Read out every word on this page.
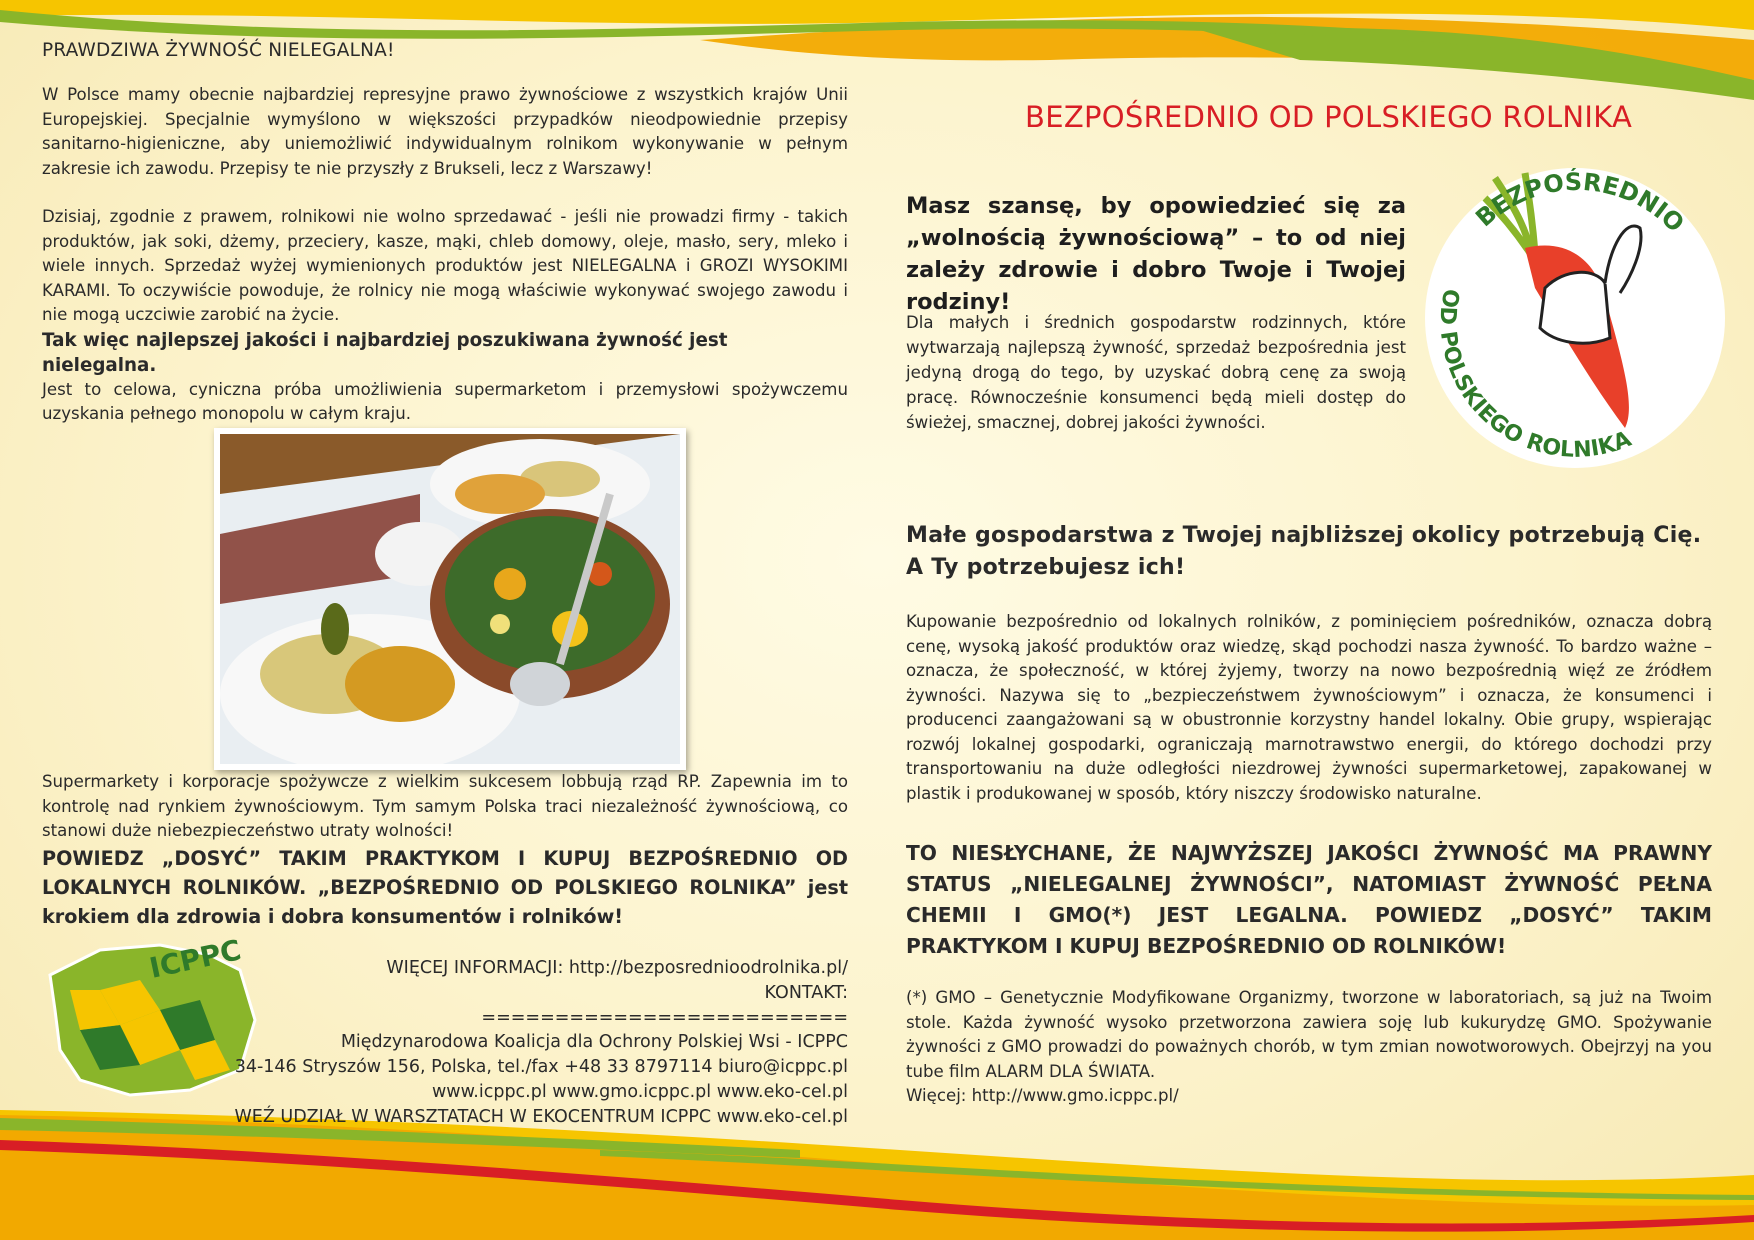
PRAWDZIWA ŻYWNOŚĆ NIELEGALNA!

W Polsce mamy obecnie najbardziej represyjne prawo żywnościowe z wszystkich krajów Unii Europejskiej. Specjalnie wymyślono w większości przypadków nieodpowiednie przepisy sanitarno-higieniczne, aby uniemożliwić indywidualnym rolnikom wykonywanie w pełnym zakresie ich zawodu. Przepisy te nie przyszły z Brukseli, lecz z Warszawy!

Dzisiaj, zgodnie z prawem, rolnikowi nie wolno sprzedawać - jeśli nie prowadzi firmy - takich produktów, jak soki, dżemy, przeciery, kasze, mąki, chleb domowy, oleje, masło, sery, mleko i wiele innych. Sprzedaż wyżej wymienionych produktów jest NIELEGALNA i GROZI WYSOKIMI KARAMI. To oczywiście powoduje, że rolnicy nie mogą właściwie wykonywać swojego zawodu i nie mogą uczciwie zarobić na życie.

Tak więc najlepszej jakości i najbardziej poszukiwana żywność jest nielegalna.

Jest to celowa, cyniczna próba umożliwienia supermarketom i przemysłowi spożywczemu uzyskania pełnego monopolu w całym kraju.

Supermarkety i korporacje spożywcze z wielkim sukcesem lobbują rząd RP. Zapewnia im to kontrolę nad rynkiem żywnościowym. Tym samym Polska traci niezależność żywnościową, co stanowi duże niebezpieczeństwo utraty wolności!

POWIEDZ „DOSYĆ” TAKIM PRAKTYKOM I KUPUJ BEZPOŚREDNIO OD LOKALNYCH ROLNIKÓW. „BEZPOŚREDNIO OD POLSKIEGO ROLNIKA” jest krokiem dla zdrowia i dobra konsumentów i rolników!

ICPPC	WIĘCEJ INFORMACJI: http://bezposrednioodrolnika.pl/

KONTAKT:

=========================

Międzynarodowa Koalicja dla Ochrony Polskiej Wsi - ICPPC

34-146 Stryszów 156, Polska, tel./fax +48 33 8797114 biuro@icppc.pl

www.icppc.pl www.gmo.icppc.pl www.eko-cel.pl

WEŹ UDZIAŁ W WARSZTATACH W EKOCENTRUM ICPPC www.eko-cel.pl

BEZPOŚREDNIO OD POLSKIEGO ROLNIKA

Masz szansę, by opowiedzieć się za „wolnością żywnościową” – to od niej zależy zdrowie i dobro Twoje i Twojej rodziny!

Dla małych i średnich gospodarstw rodzinnych, które wytwarzają najlepszą żywność, sprzedaż bezpośrednia jest jedyną drogą do tego, by uzyskać dobrą cenę za swoją pracę. Równocześnie konsumenci będą mieli dostęp do świeżej, smacznej, dobrej jakości żywności.

BEZPOŚREDNIO
OD POLSKIEGO ROLNIKA

Małe gospodarstwa z Twojej najbliższej okolicy potrzebują Cię. A Ty potrzebujesz ich!

Kupowanie bezpośrednio od lokalnych rolników, z pominięciem pośredników, oznacza dobrą cenę, wysoką jakość produktów oraz wiedzę, skąd pochodzi nasza żywność. To bardzo ważne – oznacza, że społeczność, w której żyjemy, tworzy na nowo bezpośrednią więź ze źródłem żywności. Nazywa się to „bezpieczeństwem żywnościowym” i oznacza, że konsumenci i producenci zaangażowani są w obustronnie korzystny handel lokalny. Obie grupy, wspierając rozwój lokalnej gospodarki, ograniczają marnotrawstwo energii, do którego dochodzi przy transportowaniu na duże odległości niezdrowej żywności supermarketowej, zapakowanej w plastik i produkowanej w sposób, który niszczy środowisko naturalne.

TO NIESŁYCHANE, ŻE NAJWYŻSZEJ JAKOŚCI ŻYWNOŚĆ MA PRAWNY STATUS „NIELEGALNEJ ŻYWNOŚCI”, NATOMIAST ŻYWNOŚĆ PEŁNA CHEMII I GMO(*) JEST LEGALNA. POWIEDZ „DOSYĆ” TAKIM PRAKTYKOM I KUPUJ BEZPOŚREDNIO OD ROLNIKÓW!

(*) GMO – Genetycznie Modyfikowane Organizmy, tworzone w laboratoriach, są już na Twoim stole. Każda żywność wysoko przetworzona zawiera soję lub kukurydzę GMO. Spożywanie żywności z GMO prowadzi do poważnych chorób, w tym zmian nowotworowych. Obejrzyj na you tube film ALARM DLA ŚWIATA.

Więcej: http://www.gmo.icppc.pl/
